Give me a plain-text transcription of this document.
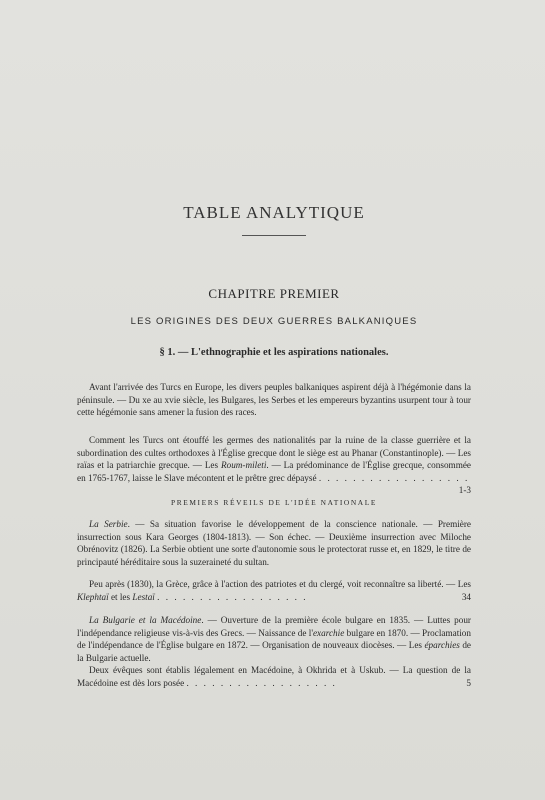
TABLE ANALYTIQUE
CHAPITRE PREMIER
LES ORIGINES DES DEUX GUERRES BALKANIQUES
§ 1. — L'ethnographie et les aspirations nationales.
Avant l'arrivée des Turcs en Europe, les divers peuples balkaniques aspirent déjà à l'hégémonie dans la péninsule. — Du xe au xvie siècle, les Bulgares, les Serbes et les empereurs byzantins usurpent tour à tour cette hégémonie sans amener la fusion des races.
Comment les Turcs ont étouffé les germes des nationalités par la ruine de la classe guerrière et la subordination des cultes orthodoxes à l'Église grecque dont le siège est au Phanar (Constantinople). — Les raïas et la patriarchie grecque. — Les Roum-mileti. — La prédominance de l'Église grecque, consommée en 1765-1767, laisse le Slave mécontent et le prêtre grec dépaysé . . . . . . . . . . . . . . . . . .
1-3
PREMIERS RÉVEILS DE L'IDÉE NATIONALE
La Serbie. — Sa situation favorise le développement de la conscience nationale. — Première insurrection sous Kara Georges (1804-1813). — Son échec. — Deuxième insurrection avec Miloche Obrénovitz (1826). La Serbie obtient une sorte d'autonomie sous le protectorat russe et, en 1829, le titre de principauté héréditaire sous la suzeraineté du sultan.
Peu après (1830), la Grèce, grâce à l'action des patriotes et du clergé, voit reconnaître sa liberté. — Les Klephtaï et les Lestaï . . . . . . . . . . . . . . . . . .	34
La Bulgarie et la Macédoine. — Ouverture de la première école bulgare en 1835. — Luttes pour l'indépendance religieuse vis-à-vis des Grecs. — Naissance de l'exarchie bulgare en 1870. — Proclamation de l'indépendance de l'Église bulgare en 1872. — Organisation de nouveaux diocèses. — Les éparchies de la Bulgarie actuelle.
Deux évêques sont établis légalement en Macédoine, à Okhrida et à Uskub. — La question de la Macédoine est dès lors posée . . . . . . . . . . . . . . . . . .	5
